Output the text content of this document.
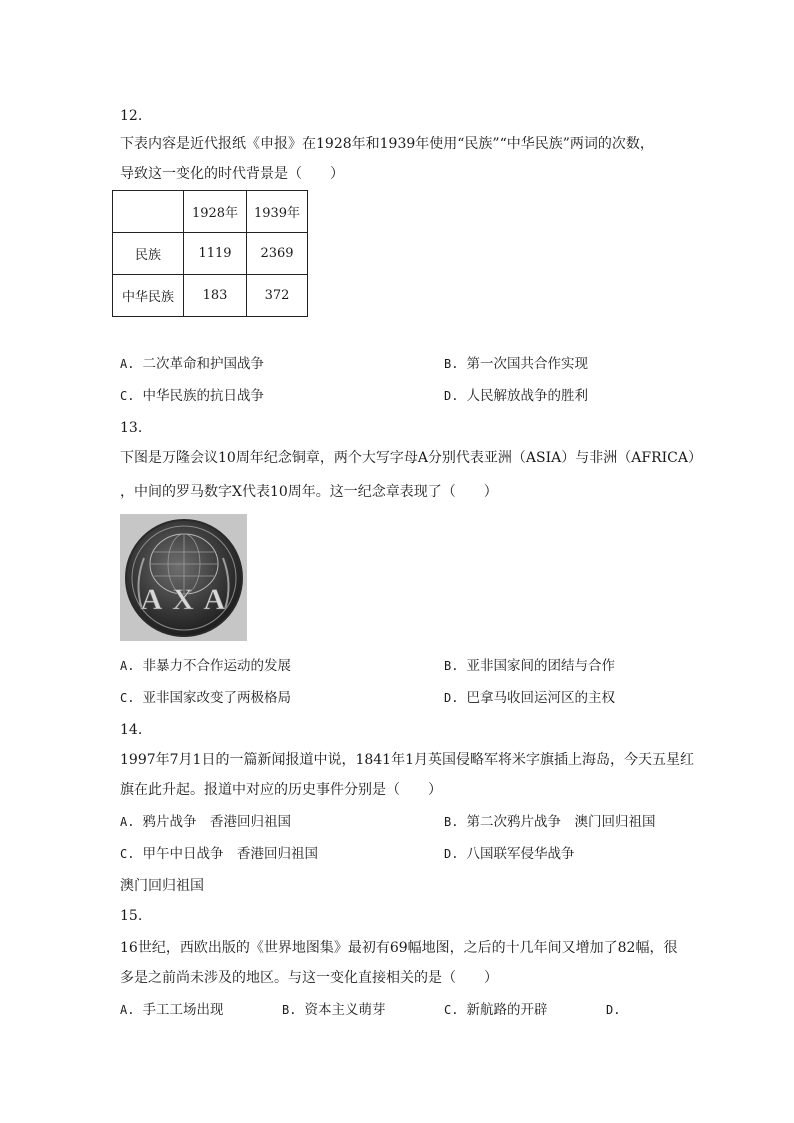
12.
下表内容是近代报纸《申报》在1928年和1939年使用“民族”“中华民族”两词的次数，
导致这一变化的时代背景是（　　）
	1928年	1939年
民族	1119	2369
中华民族	183	372
A. 二次革命和护国战争	B. 第一次国共合作实现
C. 中华民族的抗日战争	D. 人民解放战争的胜利
13.
下图是万隆会议10周年纪念铜章，两个大写字母A分别代表亚洲（ASIA）与非洲（AFRICA）
，中间的罗马数字X代表10周年。这一纪念章表现了（　　）
A X A
A. 非暴力不合作运动的发展	B. 亚非国家间的团结与合作
C. 亚非国家改变了两极格局	D. 巴拿马收回运河区的主权
14.
1997年7月1日的一篇新闻报道中说，1841年1月英国侵略军将米字旗插上海岛，今天五星红
旗在此升起。报道中对应的历史事件分别是（　　）
A. 鸦片战争　香港回归祖国	B. 第二次鸦片战争　澳门回归祖国
C. 甲午中日战争　香港回归祖国	D. 八国联军侵华战争
澳门回归祖国
15.
16世纪，西欧出版的《世界地图集》最初有69幅地图，之后的十几年间又增加了82幅，很
多是之前尚未涉及的地区。与这一变化直接相关的是（　　）
A. 手工工场出现	B. 资本主义萌芽	C. 新航路的开辟	D.
